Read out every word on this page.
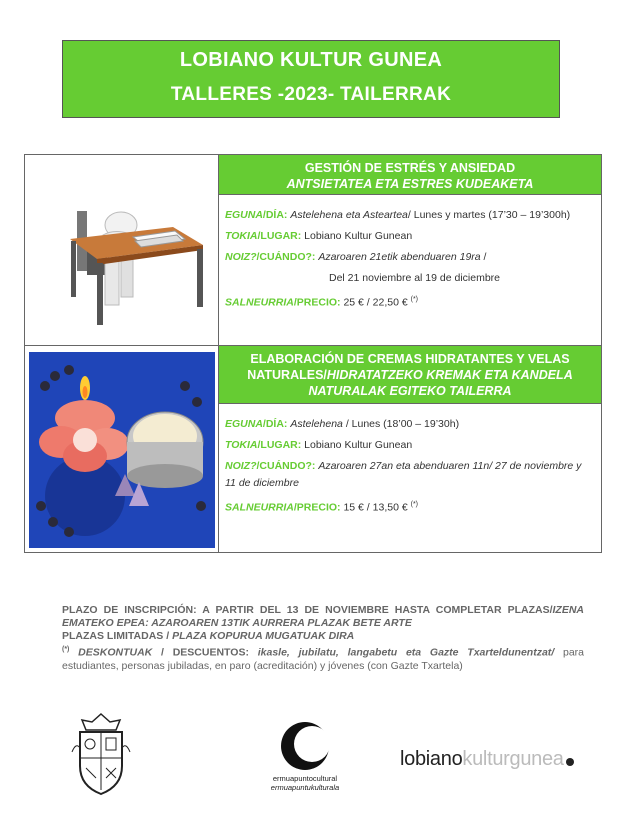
LOBIANO KULTUR GUNEA
TALLERES -2023- TAILERRAK
GESTIÓN DE ESTRÉS Y ANSIEDAD
ANTSIETATEA ETA ESTRES KUDEAKETA
EGUNA/DÍA: Astelehena eta Asteartea/ Lunes y martes (17’30 – 19’300h)
TOKIA/LUGAR: Lobiano Kultur Gunean
NOIZ?/CUÁNDO?: Azaroaren 21etik abenduaren 19ra /
Del 21 noviembre al 19 de diciembre
SALNEURRIA/PRECIO: 25 € / 22,50 € (*)
ELABORACIÓN DE CREMAS HIDRATANTES Y VELAS NATURALES/HIDRATATZEKO KREMAK ETA KANDELA NATURALAK EGITEKO TAILERRA
EGUNA/DÍA: Astelehena / Lunes (18’00 – 19’30h)
TOKIA/LUGAR: Lobiano Kultur Gunean
NOIZ?/CUÁNDO?: Azaroaren 27an eta abenduaren 11n/ 27 de noviembre y 11 de diciembre
SALNEURRIA/PRECIO: 15 € / 13,50 € (*)
PLAZO DE INSCRIPCIÓN: A PARTIR DEL 13 DE NOVIEMBRE HASTA COMPLETAR PLAZAS/IZENA EMATEKO EPEA: AZAROAREN 13TIK AURRERA PLAZAK BETE ARTE
PLAZAS LIMITADAS / PLAZA KOPURUA MUGATUAK DIRA
(*) DESKONTUAK / DESCUENTOS: ikasle, jubilatu, langabetu eta Gazte Txarteldunentzat/ para estudiantes, personas jubiladas, en paro (acreditación) y jóvenes (con Gazte Txartela)
ermuapuntocultural
ermuapuntukulturala
lobianokulturgunea
